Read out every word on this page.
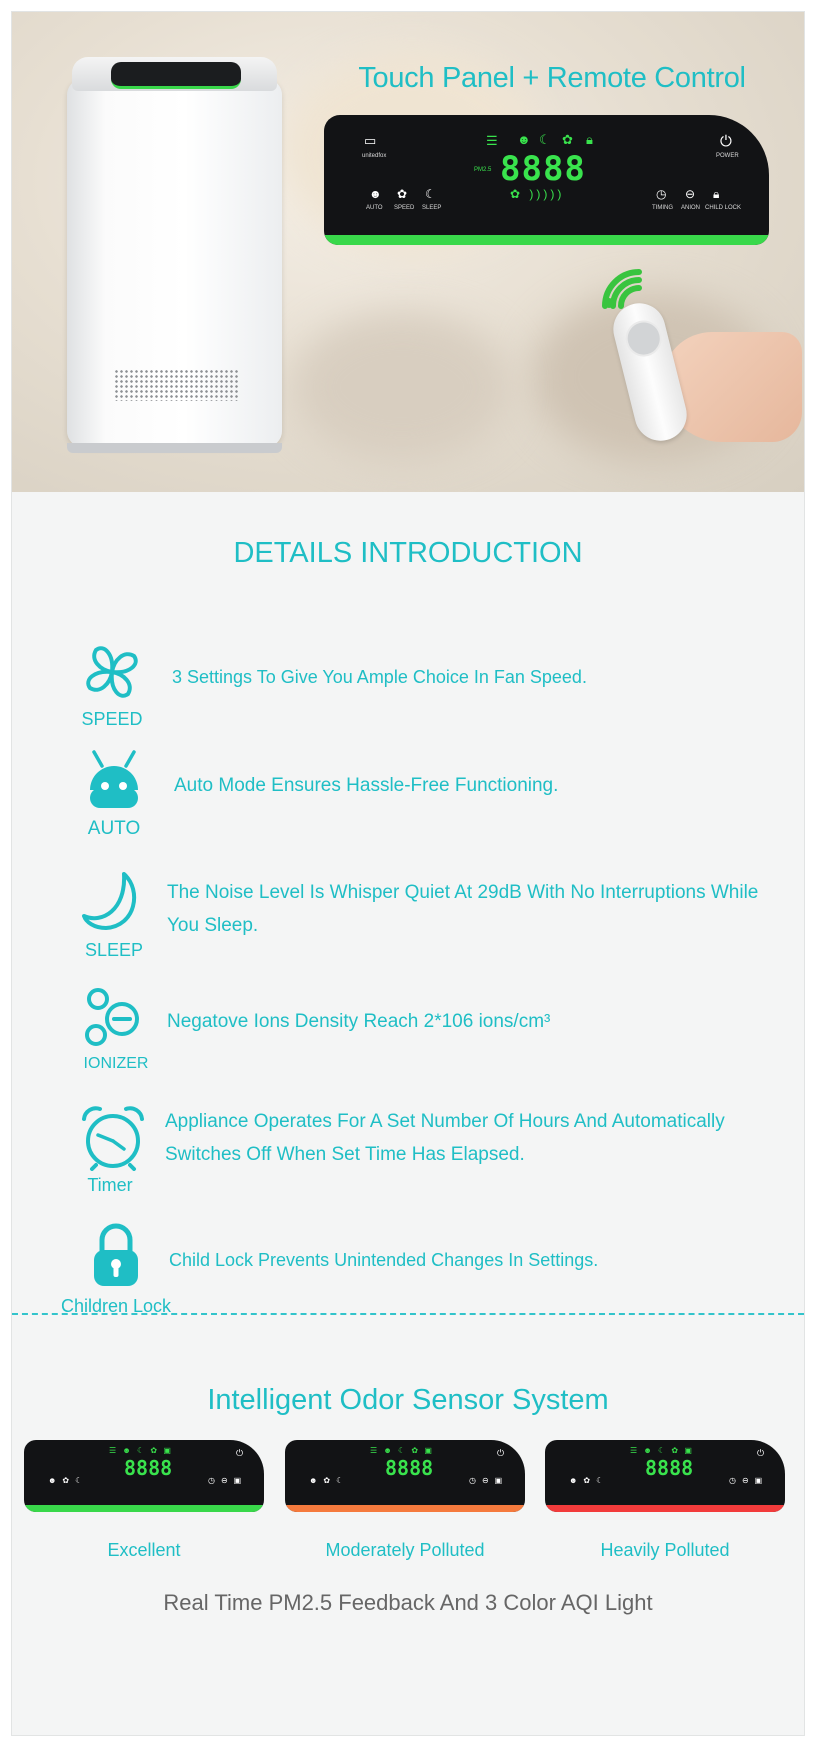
Touch Panel + Remote Control
▭
unitedfox
☰ ☻ ☾ ✿ 🔒︎
8888
PM2.5
✿ )))))
☻
AUTO
✿
SPEED
☾
SLEEP
◷
TIMING
⊖
ANION
🔒︎
CHILD LOCK
⏻
POWER
DETAILS INTRODUCTION
SPEED
3 Settings To Give You Ample Choice In Fan Speed.
AUTO
Auto Mode Ensures Hassle-Free Functioning.
SLEEP
The Noise Level Is Whisper Quiet At 29dB With No Interruptions While You Sleep.
IONIZER
Negatove Ions Density Reach 2*106 ions/cm³
Timer
Appliance Operates For A Set Number Of Hours And Automatically Switches Off When Set Time Has Elapsed.
Children Lock
Child Lock Prevents Unintended Changes In Settings.
Intelligent Odor Sensor System
8888
☰ ☻ ☾ ✿ ▣
☻✿☾	◷⊖▣
⏻
8888
☰ ☻ ☾ ✿ ▣
☻✿☾	◷⊖▣
⏻
8888
☰ ☻ ☾ ✿ ▣
☻✿☾	◷⊖▣
⏻
Excellent	Moderately Polluted	Heavily Polluted
Real Time PM2.5 Feedback And 3 Color AQI Light
